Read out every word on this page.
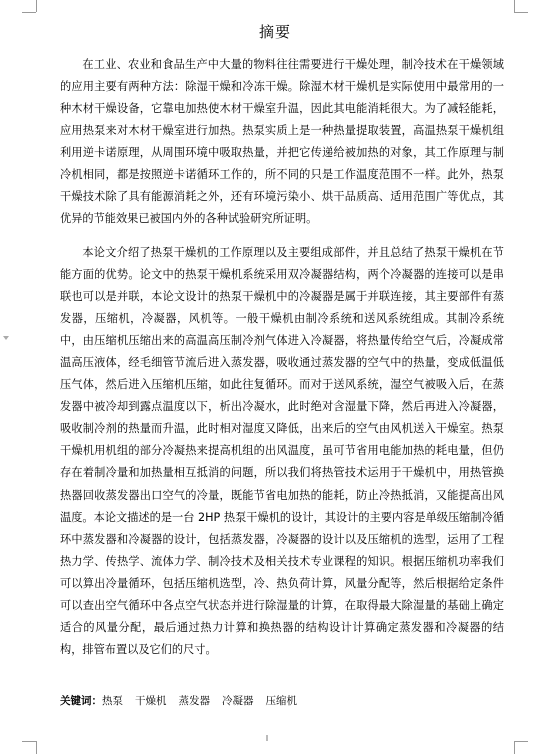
摘要

在工业、农业和食品生产中大量的物料往往需要进行干燥处理，制冷技术在干燥领域的应用主要有两种方法：除湿干燥和冷冻干燥。除湿木材干燥机是实际使用中最常用的一种木材干燥设备，它靠电加热使木材干燥室升温，因此其电能消耗很大。为了减轻能耗，应用热泵来对木材干燥室进行加热。热泵实质上是一种热量提取装置，高温热泵干燥机组利用逆卡诺原理，从周围环境中吸取热量，并把它传递给被加热的对象，其工作原理与制冷机相同，都是按照逆卡诺循环工作的，所不同的只是工作温度范围不一样。此外，热泵干燥技术除了具有能源消耗之外，还有环境污染小、烘干品质高、适用范围广等优点，其优异的节能效果已被国内外的各种试验研究所证明。

本论文介绍了热泵干燥机的工作原理以及主要组成部件，并且总结了热泵干燥机在节能方面的优势。论文中的热泵干燥机系统采用双冷凝器结构，两个冷凝器的连接可以是串联也可以是并联，本论文设计的热泵干燥机中的冷凝器是属于并联连接，其主要部件有蒸发器，压缩机，冷凝器，风机等。一般干燥机由制冷系统和送风系统组成。其制冷系统中，由压缩机压缩出来的高温高压制冷剂气体进入冷凝器，将热量传给空气后，冷凝成常温高压液体，经毛细管节流后进入蒸发器，吸收通过蒸发器的空气中的热量，变成低温低压气体，然后进入压缩机压缩，如此往复循环。而对于送风系统，湿空气被吸入后，在蒸发器中被冷却到露点温度以下，析出冷凝水，此时绝对含湿量下降，然后再进入冷凝器，吸收制冷剂的热量而升温，此时相对湿度又降低，出来后的空气由风机送入干燥室。热泵干燥机用机组的部分冷凝热来提高机组的出风温度，虽可节省用电能加热的耗电量，但仍存在着制冷量和加热量相互抵消的问题，所以我们将热管技术运用于干燥机中，用热管换热器回收蒸发器出口空气的冷量，既能节省电加热的能耗，防止冷热抵消，又能提高出风温度。本论文描述的是一台 2HP 热泵干燥机的设计，其设计的主要内容是单级压缩制冷循环中蒸发器和冷凝器的设计，包括蒸发器，冷凝器的设计以及压缩机的选型，运用了工程热力学、传热学、流体力学、制冷技术及相关技术专业课程的知识。根据压缩机功率我们可以算出冷量循环，包括压缩机选型，冷、热负荷计算，风量分配等，然后根据给定条件可以查出空气循环中各点空气状态并进行除湿量的计算，在取得最大除湿量的基础上确定适合的风量分配，最后通过热力计算和换热器的结构设计计算确定蒸发器和冷凝器的结构，排管布置以及它们的尺寸。

关键词：热泵 干燥机 蒸发器 冷凝器 压缩机
